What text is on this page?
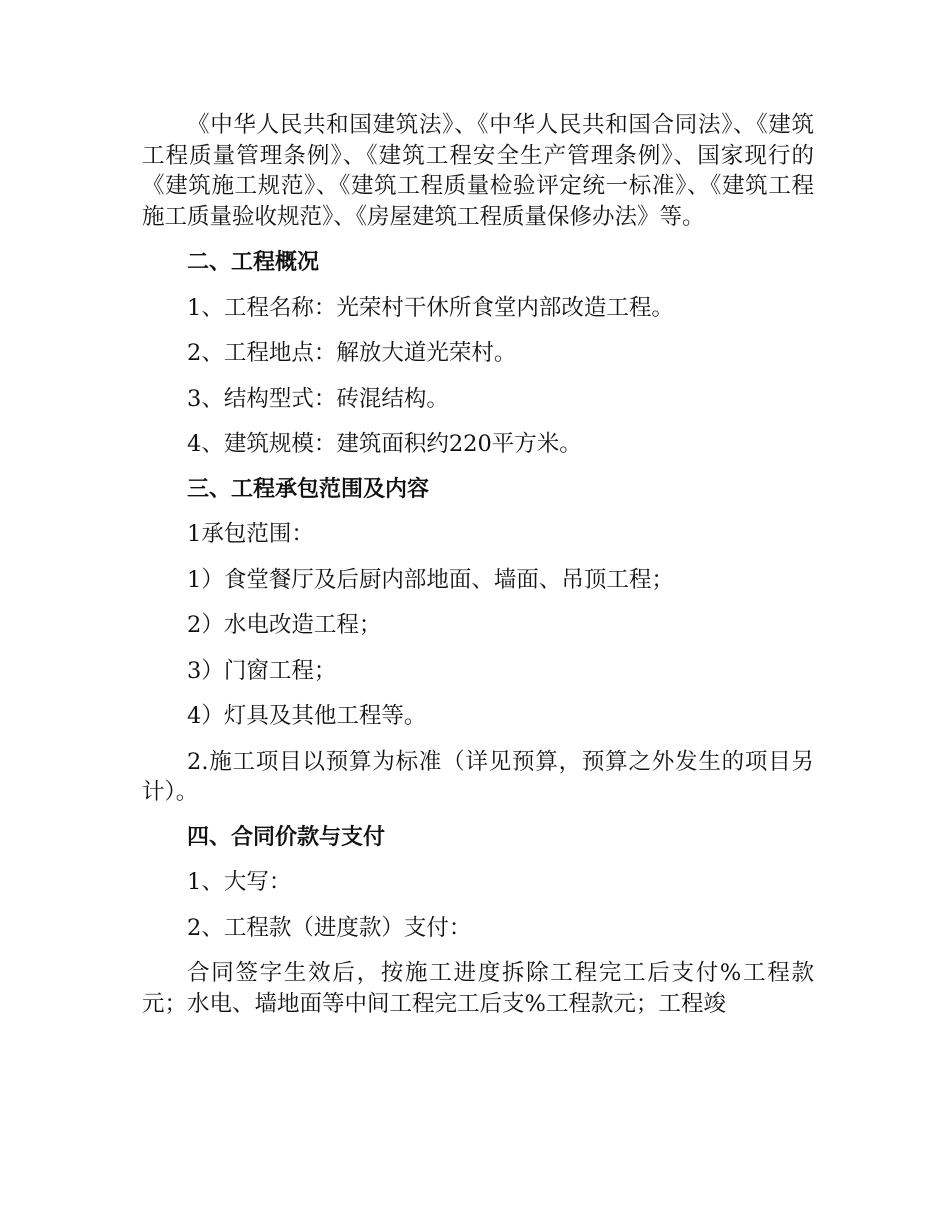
《中华人民共和国建筑法》、《中华人民共和国合同法》、《建筑工程质量管理条例》、《建筑工程安全生产管理条例》、国家现行的《建筑施工规范》、《建筑工程质量检验评定统一标准》、《建筑工程施工质量验收规范》、《房屋建筑工程质量保修办法》等。

二、工程概况

1、工程名称：光荣村干休所食堂内部改造工程。

2、工程地点：解放大道光荣村。

3、结构型式：砖混结构。

4、建筑规模：建筑面积约220平方米。

三、工程承包范围及内容

1承包范围：

1）食堂餐厅及后厨内部地面、墙面、吊顶工程；

2）水电改造工程；

3）门窗工程；

4）灯具及其他工程等。

2.施工项目以预算为标准（详见预算，预算之外发生的项目另计）。

四、合同价款与支付

1、大写：

2、工程款（进度款）支付：

合同签字生效后，按施工进度拆除工程完工后支付%工程款元；水电、墙地面等中间工程完工后支%工程款元；工程竣
